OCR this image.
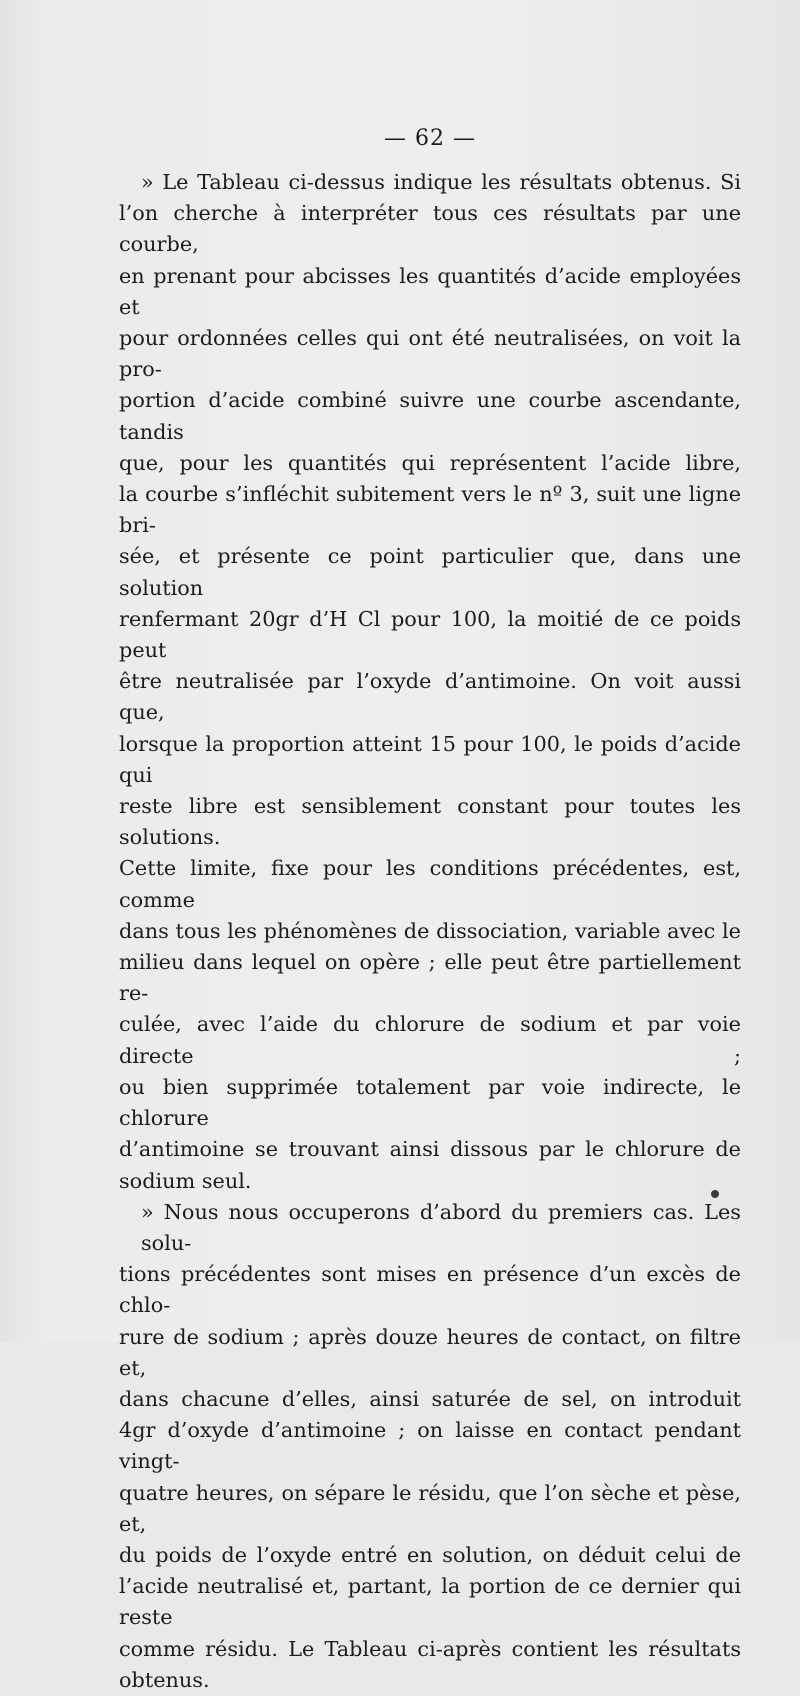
— 62 —

» Le Tableau ci-dessus indique les résultats obtenus. Si
l’on cherche à interpréter tous ces résultats par une courbe,
en prenant pour abcisses les quantités d’acide employées et
pour ordonnées celles qui ont été neutralisées, on voit la pro-
portion d’acide combiné suivre une courbe ascendante, tandis
que, pour les quantités qui représentent l’acide libre,
la courbe s’infléchit subitement vers le nº 3, suit une ligne bri-
sée, et présente ce point particulier que, dans une solution
renfermant 20gr d’H Cl pour 100, la moitié de ce poids peut
être neutralisée par l’oxyde d’antimoine. On voit aussi que,
lorsque la proportion atteint 15 pour 100, le poids d’acide qui
reste libre est sensiblement constant pour toutes les solutions.
Cette limite, fixe pour les conditions précédentes, est, comme
dans tous les phénomènes de dissociation, variable avec le
milieu dans lequel on opère ; elle peut être partiellement re-
culée, avec l’aide du chlorure de sodium et par voie directe ;
ou bien supprimée totalement par voie indirecte, le chlorure
d’antimoine se trouvant ainsi dissous par le chlorure de
sodium seul.

» Nous nous occuperons d’abord du premiers cas. Les solu-
tions précédentes sont mises en présence d’un excès de chlo-
rure de sodium ; après douze heures de contact, on filtre et,
dans chacune d’elles, ainsi saturée de sel, on introduit
4gr d’oxyde d’antimoine ; on laisse en contact pendant vingt-
quatre heures, on sépare le résidu, que l’on sèche et pèse, et,
du poids de l’oxyde entré en solution, on déduit celui de
l’acide neutralisé et, partant, la portion de ce dernier qui reste
comme résidu. Le Tableau ci-après contient les résultats
obtenus.
